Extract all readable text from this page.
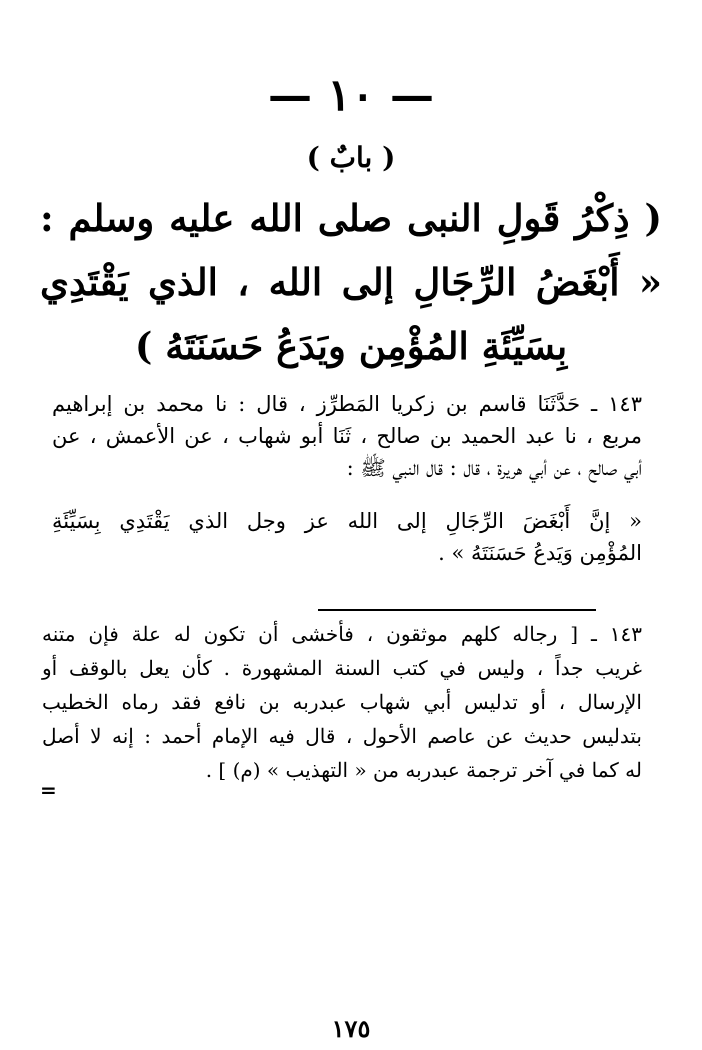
— ١٠ —
( بابٌ )
( ذِكْرُ قَولِ النبى صلى الله عليه وسلم :
« أَبْغَضُ الرِّجَالِ إلى الله ، الذي يَقْتَدِي
بِسَيِّئَةِ المُؤْمِن ويَدَعُ حَسَنَتَهُ )
١٤٣ ـ حَدَّثَنَا قاسم بن زكريا المَطرِّز ، قال : نا محمد بن إبراهيم
مربع ، نا عبد الحميد بن صالح ، ثَنَا أبو شهاب ، عن الأعمش ، عن
أبي صالح ، عن أبي هريرة ، قال : قال النبي ﷺ :
« إنَّ أَبْغَضَ الرِّجَالِ إلى الله عز وجل الذي يَقْتَدِي بِسَيِّئَةِ
المُؤْمِن وَيَدعُ حَسَنَتَهُ » .
١٤٣ ـ [ رجاله كلهم موثقون ، فأخشى أن تكون له علة فإن متنه
غريب جداً ، وليس في كتب السنة المشهورة . كأن يعل بالوقف أو
الإرسال ، أو تدليس أبي شهاب عبدربه بن نافع فقد رماه الخطيب
بتدليس حديث عن عاصم الأحول ، قال فيه الإمام أحمد : إنه لا أصل
له كما في آخر ترجمة عبدربه من « التهذيب » (م) ] .
=
١٧٥
